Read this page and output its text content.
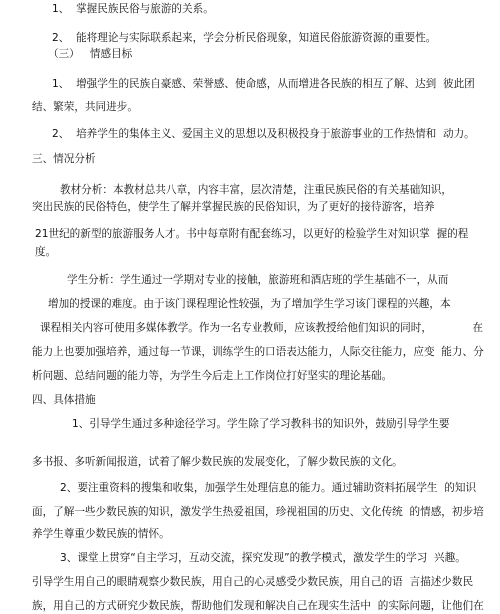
1、  掌握民族民俗与旅游的关系。
2、  能将理论与实际联系起来，学会分析民俗现象，知道民俗旅游资源的重要性。
（三）   情感目标
1、  增强学生的民族自豪感、荣誉感、使命感，从而增进各民族的相互了解、达到  彼此团
结、繁荣，共同进步。
2、  培养学生的集体主义、爱国主义的思想以及积极投身于旅游事业的工作热情和  动力。
三、情况分析
教材分析：本教材总共八章，内容丰富，层次清楚，注重民族民俗的有关基础知识，
突出民族的民俗特色，使学生了解并掌握民族的民俗知识，为了更好的接待游客，培养
21世纪的新型的旅游服务人才。书中每章附有配套练习，以更好的检验学生对知识掌  握的程
度。
学生分析：学生通过一学期对专业的接触，旅游班和酒店班的学生基础不一，从而
增加的授课的难度。由于该门课程理论性较强，为了增加学生学习该门课程的兴趣，本
课程相关内容可使用多媒体教学。作为一名专业教师，应该教授给他们知识的同时，            在
能力上也要加强培养，通过每一节课，训练学生的口语表达能力，人际交往能力，应变  能力、分
析问题、总结问题的能力等，为学生今后走上工作岗位打好坚实的理论基础。
四、具体措施
1、引导学生通过多种途径学习。学生除了学习教科书的知识外，鼓励引导学生要
多书报、多听新闻报道，试着了解少数民族的发展变化，了解少数民族的文化。
2、要注重资料的搜集和收集，加强学生处理信息的能力。通过辅助资料拓展学生  的知识
面，了解一些少数民族的知识，激发学生热爱祖国，珍视祖国的历史、文化传统  的情感，初步培
养学生尊重少数民族的情怀。
3、课堂上贯穿“自主学习，互动交流，探究发现”的教学模式，激发学生的学习  兴趣。
引导学生用自己的眼睛观察少数民族，用自己的心灵感受少数民族，用自己的语  言描述少数民
族，用自己的方式研究少数民族，帮助他们发现和解决自己在现实生活中  的实际问题，让他们在
